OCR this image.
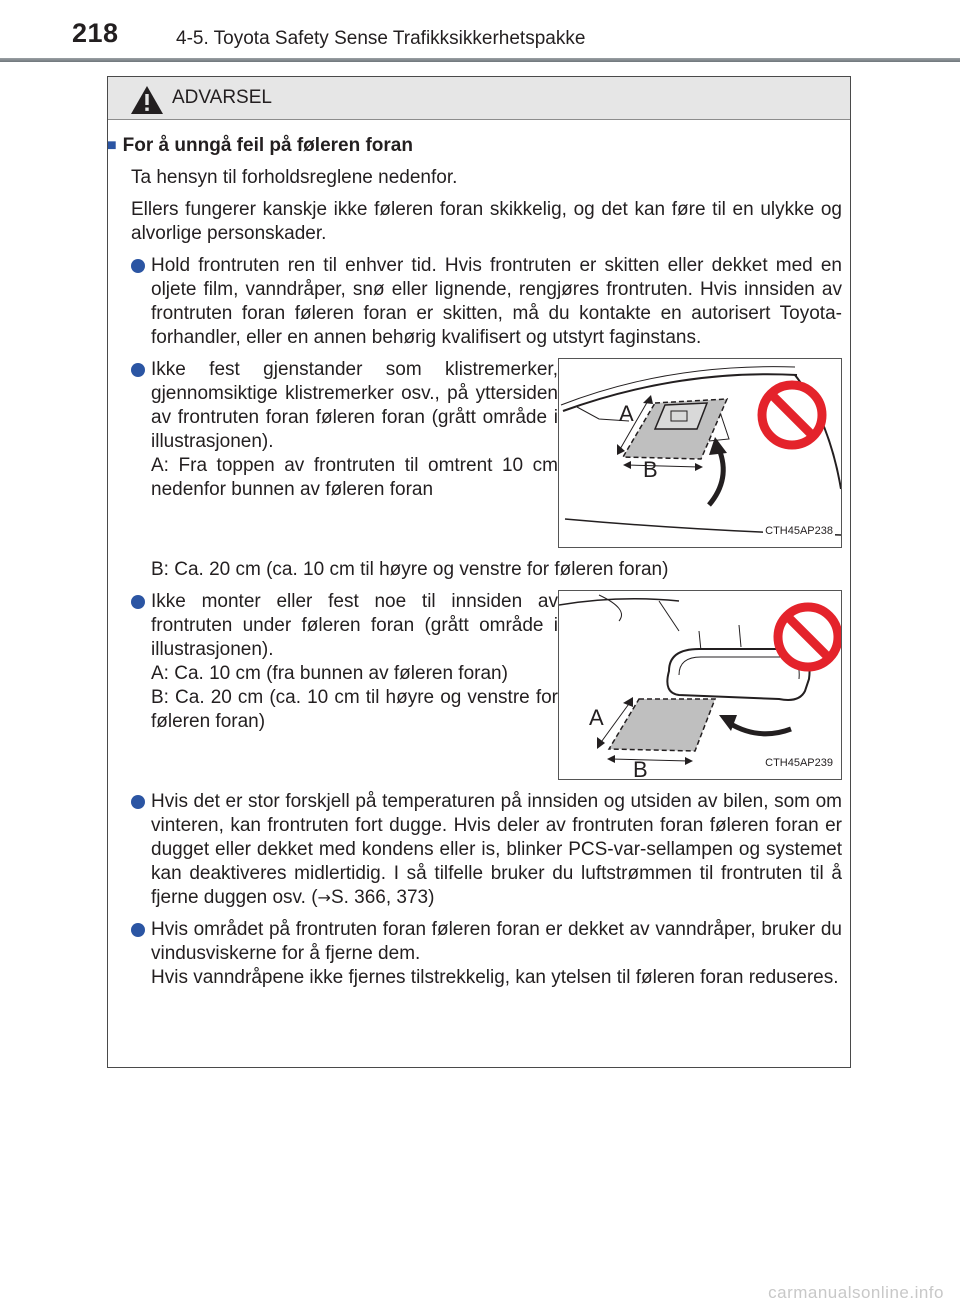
218	4-5. Toyota Safety Sense Trafikksikkerhetspakke
ADVARSEL
■ For å unngå feil på føleren foran
Ta hensyn til forholdsreglene nedenfor.
Ellers fungerer kanskje ikke føleren foran skikkelig, og det kan føre til en ulykke og alvorlige personskader.
Hold frontruten ren til enhver tid. Hvis frontruten er skitten eller dekket med en oljete film, vanndråper, snø eller lignende, rengjøres frontruten. Hvis innsiden av frontruten foran føleren foran er skitten, må du kontakte en autorisert Toyota-forhandler, eller en annen behørig kvalifisert og utstyrt faginstans.
Ikke fest gjenstander som klistremerker, gjennomsiktige klistremerker osv., på yttersiden av frontruten foran føleren foran (grått område i illustrasjonen).
A: Fra toppen av frontruten til omtrent 10 cm nedenfor bunnen av føleren foran
A
B
CTH45AP238
B: Ca. 20 cm (ca. 10 cm til høyre og venstre for føleren foran)
Ikke monter eller fest noe til innsiden av frontruten under føleren foran (grått område i illustrasjonen).
A: Ca. 10 cm (fra bunnen av føleren foran)
B: Ca. 20 cm (ca. 10 cm til høyre og venstre for føleren foran)	A
B	CTH45AP239
Hvis det er stor forskjell på temperaturen på innsiden og utsiden av bilen, som om vinteren, kan frontruten fort dugge. Hvis deler av frontruten foran føleren foran er dugget eller dekket med kondens eller is, blinker PCS-var-sellampen og systemet kan deaktiveres midlertidig. I så tilfelle bruker du luftstrømmen til frontruten til å fjerne duggen osv. (→S. 366, 373)
Hvis området på frontruten foran føleren foran er dekket av vanndråper, bruker du vindusviskerne for å fjerne dem.
Hvis vanndråpene ikke fjernes tilstrekkelig, kan ytelsen til føleren foran reduseres.
carmanualsonline.info
